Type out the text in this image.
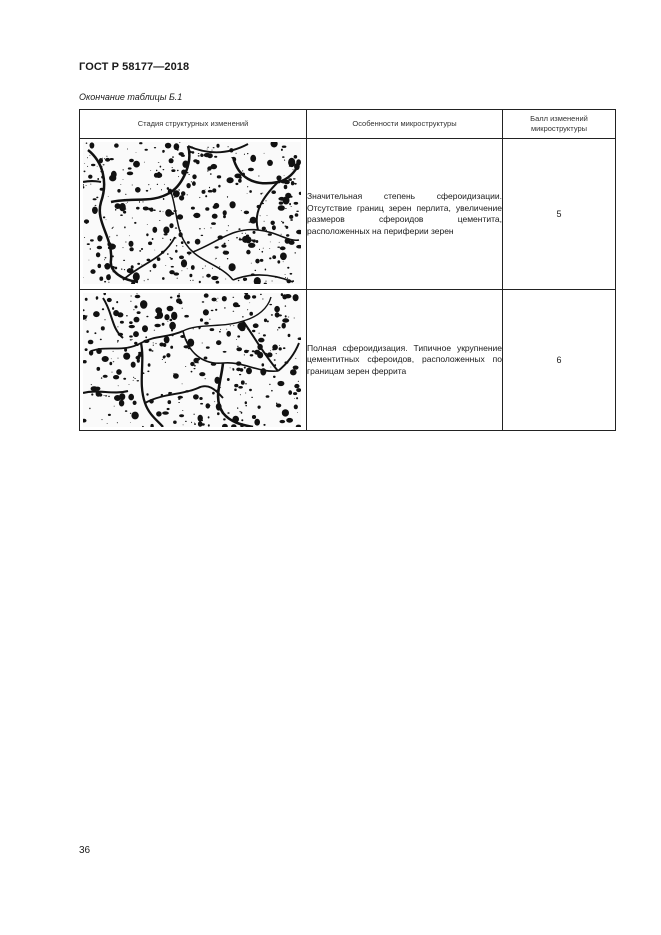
ГОСТ Р 58177—2018
Окончание таблицы Б.1
Стадия структурных изменений	Особенности микроструктуры	Балл изменений микроструктуры

Значительная степень сфероидизации. Отсутствие границ зерен перлита, увеличение размеров сфероидов цементита, расположенных на периферии зерен	5

Полная сфероидизация. Типичное укрупнение цементитных сфероидов, расположенных по границам зерен феррита	6
36
